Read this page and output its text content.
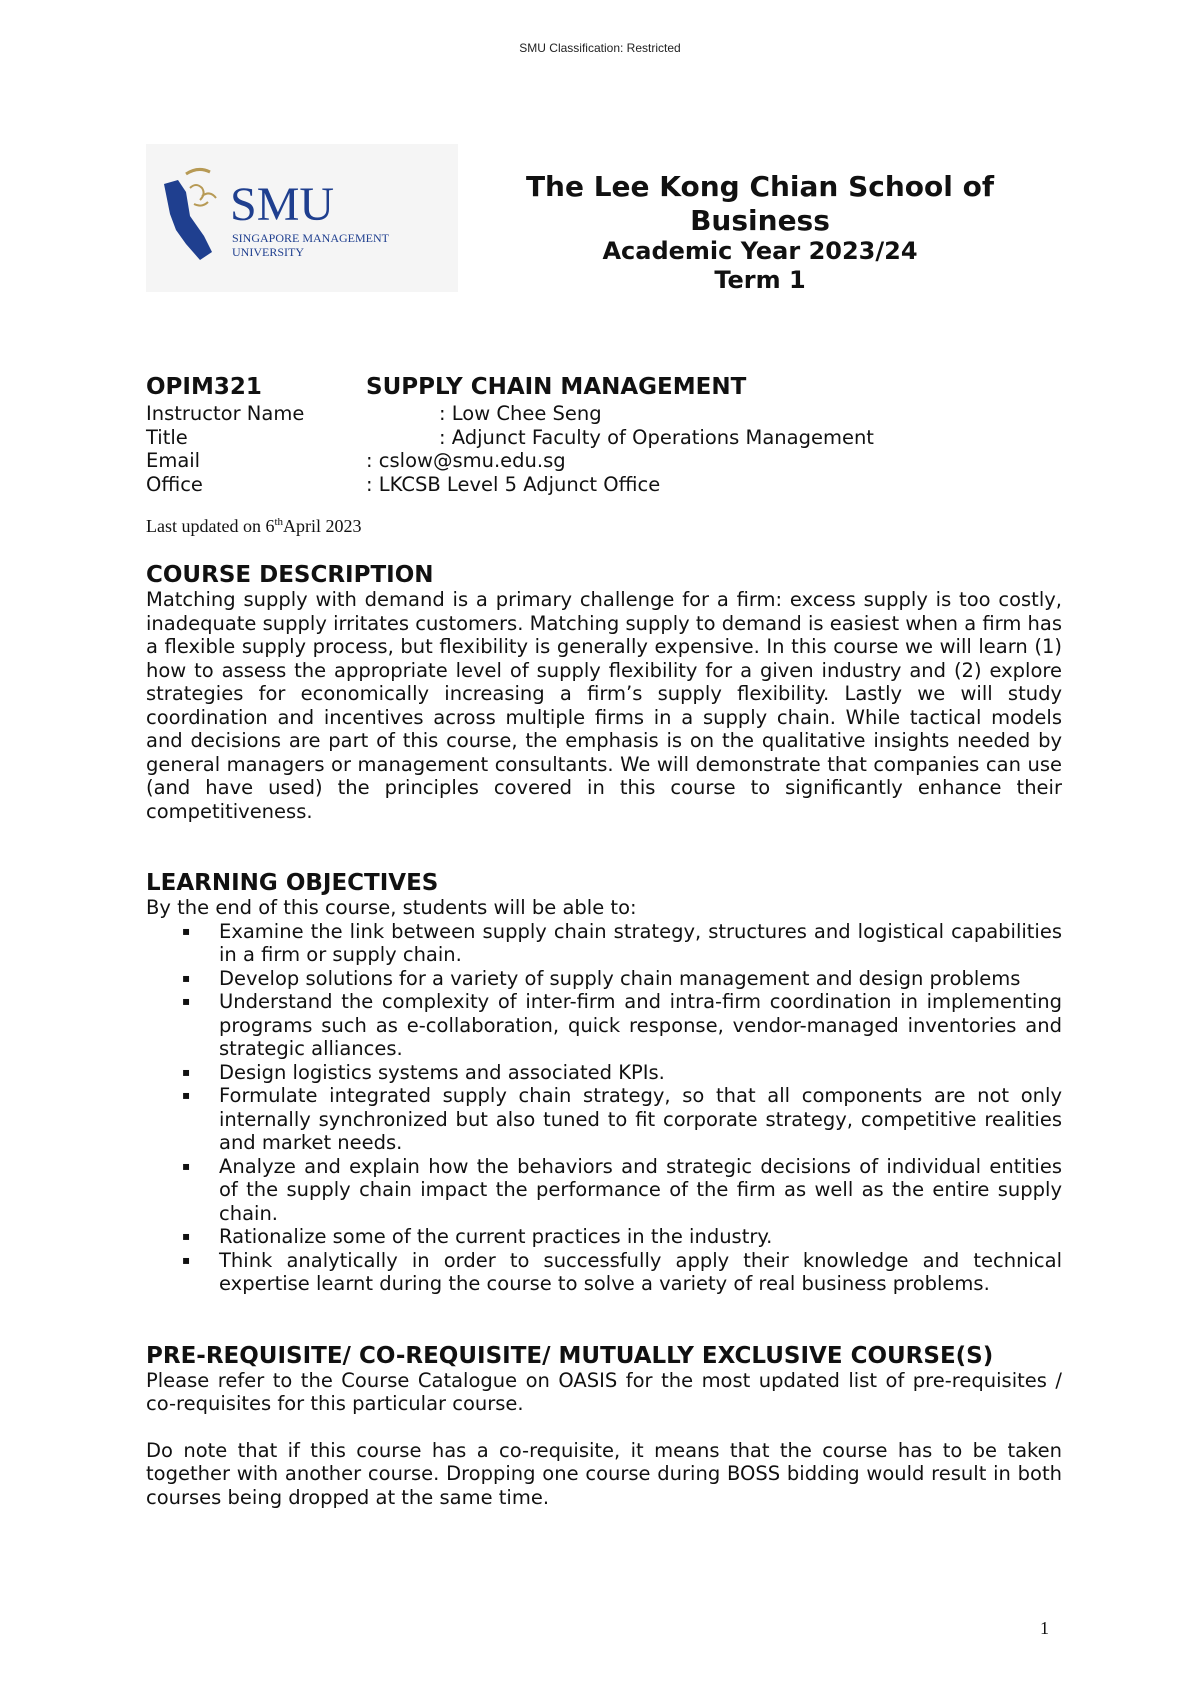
SMU Classification: Restricted
SMU
SINGAPORE MANAGEMENT
UNIVERSITY
The Lee Kong Chian School of Business
Academic Year 2023/24
Term 1
OPIM321	SUPPLY CHAIN MANAGEMENT
Instructor Name	: Low Chee Seng
Title	: Adjunct Faculty of Operations Management
Email	: cslow@smu.edu.sg
Office	: LKCSB Level 5 Adjunct Office
Last updated on 6thApril 2023
COURSE DESCRIPTION

Matching supply with demand is a primary challenge for a firm: excess supply is too costly, inadequate supply irritates customers. Matching supply to demand is easiest when a firm has a flexible supply process, but flexibility is generally expensive. In this course we will learn (1) how to assess the appropriate level of supply flexibility for a given industry and (2) explore strategies for economically increasing a firm’s supply flexibility. Lastly we will study coordination and incentives across multiple firms in a supply chain. While tactical models and decisions are part of this course, the emphasis is on the qualitative insights needed by general managers or management consultants. We will demonstrate that companies can use (and have used) the principles covered in this course to significantly enhance their competitiveness.

LEARNING OBJECTIVES
By the end of this course, students will be able to:
▪ Examine the link between supply chain strategy, structures and logistical capabilities in a firm or supply chain.
▪ Develop solutions for a variety of supply chain management and design problems
▪ Understand the complexity of inter-firm and intra-firm coordination in implementing programs such as e-collaboration, quick response, vendor-managed inventories and strategic alliances.
▪ Design logistics systems and associated KPIs.
▪ Formulate integrated supply chain strategy, so that all components are not only internally synchronized but also tuned to fit corporate strategy, competitive realities and market needs.
▪ Analyze and explain how the behaviors and strategic decisions of individual entities of the supply chain impact the performance of the firm as well as the entire supply chain.
▪ Rationalize some of the current practices in the industry.
▪ Think analytically in order to successfully apply their knowledge and technical expertise learnt during the course to solve a variety of real business problems.
PRE-REQUISITE/ CO-REQUISITE/ MUTUALLY EXCLUSIVE COURSE(S)

Please refer to the Course Catalogue on OASIS for the most updated list of pre-requisites / co-requisites for this particular course.

Do note that if this course has a co-requisite, it means that the course has to be taken together with another course. Dropping one course during BOSS bidding would result in both courses being dropped at the same time.

1
